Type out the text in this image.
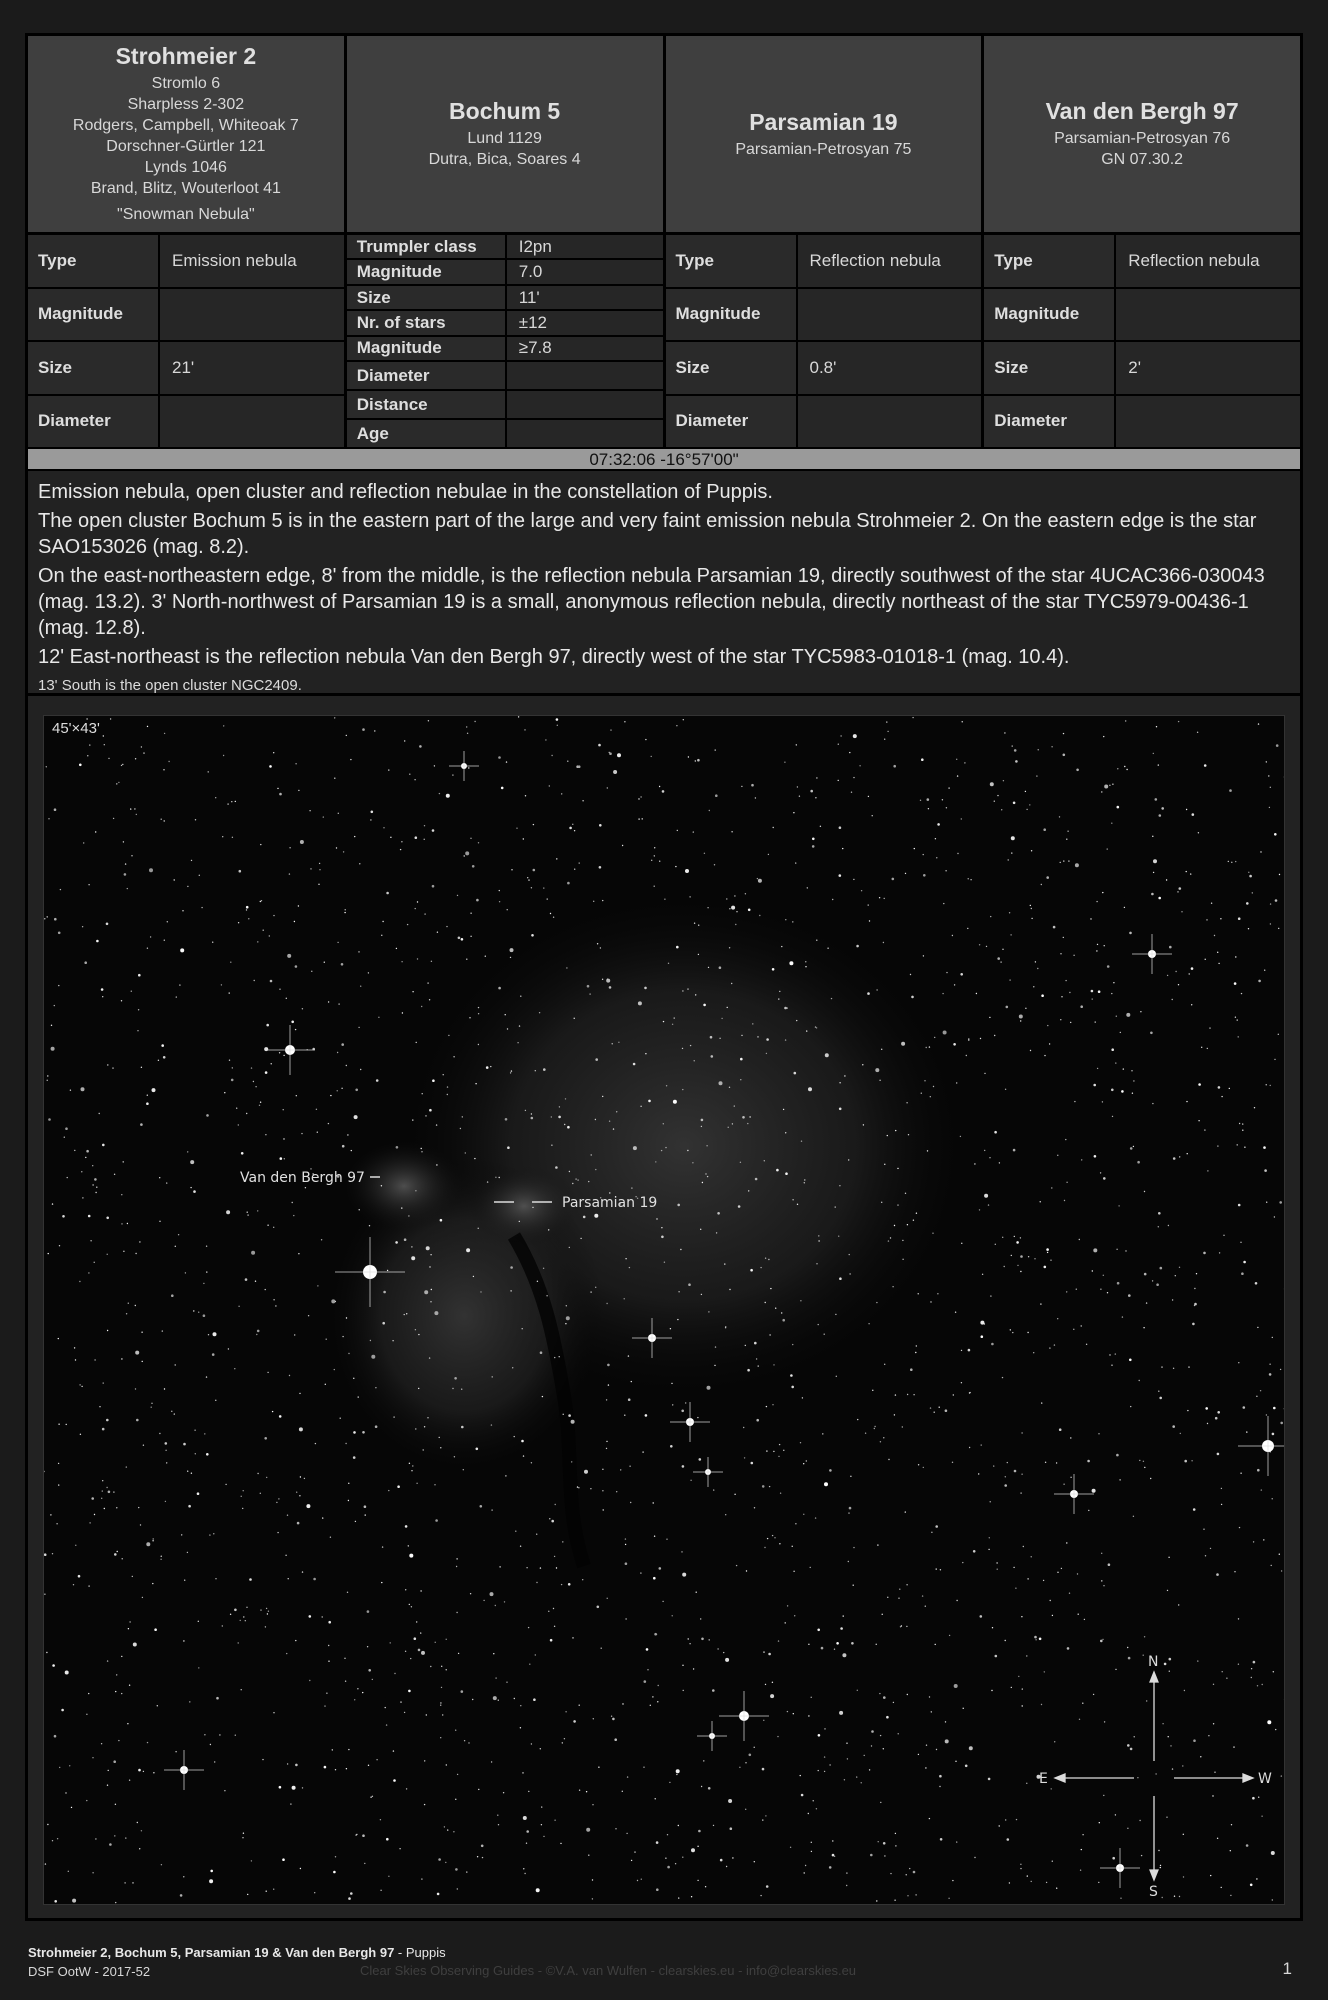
Strohmeier 2
Stromlo 6
Sharpless 2-302
Rodgers, Campbell, Whiteoak 7
Dorschner-Gürtler 121
Lynds 1046
Brand, Blitz, Wouterloot 41
"Snowman Nebula"
Bochum 5
Lund 1129
Dutra, Bica, Soares 4
Parsamian 19
Parsamian-Petrosyan 75
Van den Bergh 97
Parsamian-Petrosyan 76
GN 07.30.2
Type	Emission nebula
Magnitude
Size	21'
Diameter
Trumpler class	I2pn
Magnitude	7.0
Size	11'
Nr. of stars	±12
Magnitude	≥7.8
Diameter
Distance
Age
Type	Reflection nebula
Magnitude
Size	0.8'
Diameter
Type	Reflection nebula
Magnitude
Size	2'
Diameter
07:32:06 -16°57'00"

Emission nebula, open cluster and reflection nebulae in the constellation of Puppis.

The open cluster Bochum 5 is in the eastern part of the large and very faint emission nebula Strohmeier 2. On the eastern edge is the star SAO153026 (mag. 8.2).

On the east-northeastern edge, 8' from the middle, is the reflection nebula Parsamian 19, directly southwest of the star 4UCAC366-030043 (mag. 13.2). 3' North-northwest of Parsamian 19 is a small, anonymous reflection nebula, directly northeast of the star TYC5979-00436-1 (mag. 12.8).

12' East-northeast is the reflection nebula Van den Bergh 97, directly west of the star TYC5983-01018-1 (mag. 10.4).

13' South is the open cluster NGC2409.

Van den Bergh 97
Parsamian 19
N
S
E	W
45'×43'
Strohmeier 2, Bochum 5, Parsamian 19 & Van den Bergh 97 - Puppis
DSF OotW - 2017-52	Clear Skies Observing Guides - ©V.A. van Wulfen - clearskies.eu - info@clearskies.eu	1
